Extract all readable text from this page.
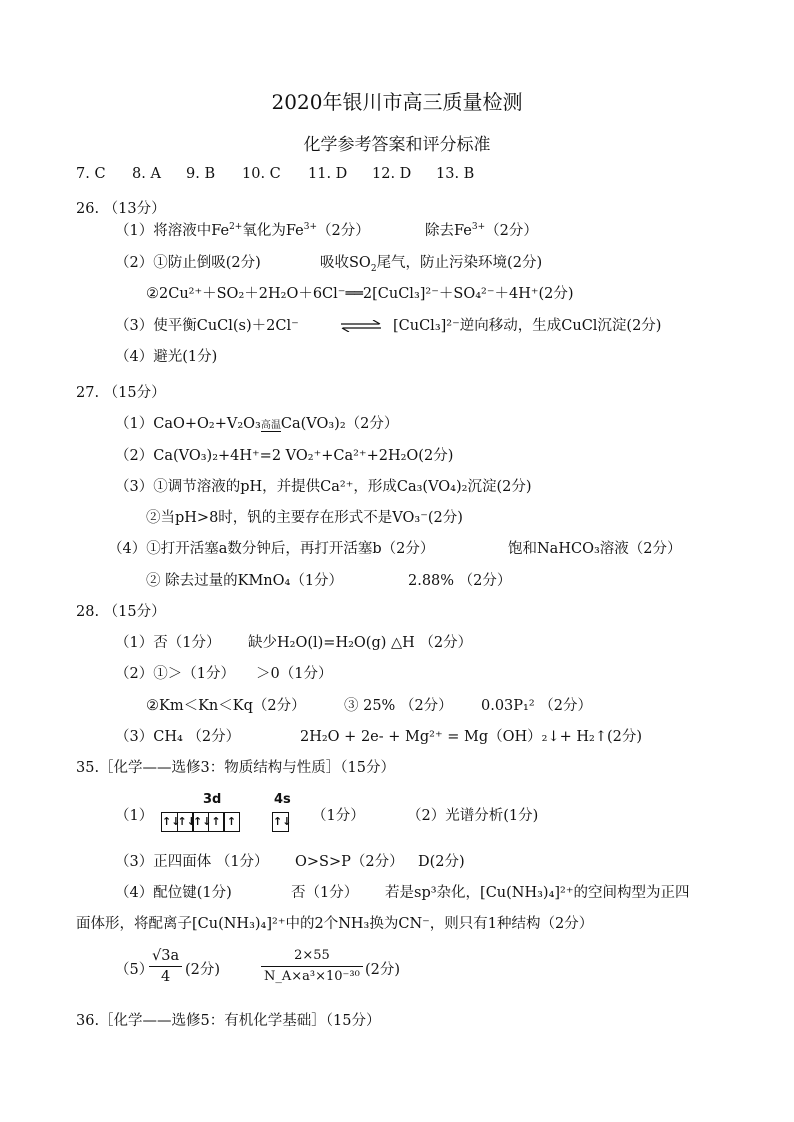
2020年银川市高三质量检测
化学参考答案和评分标准
7. C 8. A 9. B 10. C 11. D 12. D 13. B
26. （13分）
（1）将溶液中$Fe^{2+}$氧化为$Fe^{3+}(2$分）	除去$Fe^{3+}(2$分）
（2）①防止倒吸(2分)	吸收$SO_2$尾气，防止污染环境(2分)
②2Cu²⁺＋SO₂＋2H₂O＋6Cl⁻══2[CuCl₃]²⁻＋SO₄²⁻＋4H⁺(2分)
（3）使平衡CuCl(s)＋2Cl⁻	⇌ [CuCl₃]²⁻逆向移动，生成CuCl沉淀(2分)
（4）避光(1分)
27. （15分）
（1）CaO+O₂+V₂O₃高温Ca(VO₃)₂（2分）
（2）Ca(VO₃)₂+4H⁺=2 VO₂⁺+Ca²⁺+2H₂O(2分)
（3）①调节溶液的pH，并提供Ca²⁺，形成Ca₃(VO₄)₂沉淀(2分)
②当pH>8时，钒的主要存在形式不是VO₃⁻(2分)
（4）①打开活塞a数分钟后，再打开活塞b（2分）	饱和NaHCO₃溶液（2分）
② 除去过量的KMnO₄（1分）	2.88% （2分）
28. （15分）
（1）否（1分） 缺少H₂O(l)=H₂O(g) △H （2分）
（2）①＞（1分） ＞0（1分）
②Km＜Kn＜Kq（2分）	③ 25% （2分） 0.03P₁² （2分）
（3）CH₄ （2分）	2H₂O + 2e- + Mg²⁺ = Mg（OH）₂↓+ H₂↑(2分)
35.［化学——选修3：物质结构与性质］（15分）
（1）
3d	4s
↑↓↑↓↑↓↑ ↑	↑↓ （1分）	（2）光谱分析(1分)
（3）正四面体 （1分） O>S>P（2分） D(2分)
（4）配位键(1分)	否（1分） 若是sp³杂化，[Cu(NH₃)₄]²⁺的空间构型为正四
面体形，将配离子[Cu(NH₃)₄]²⁺中的2个NH₃换为CN⁻，则只有1种结构（2分）
（5）
$\frac{√3a}{4} (2$分)	$\frac{2\times 55}{\text{N\_A×a³×10⁻³⁰}} (2$分)
36.［化学——选修5：有机化学基础］（15分）
